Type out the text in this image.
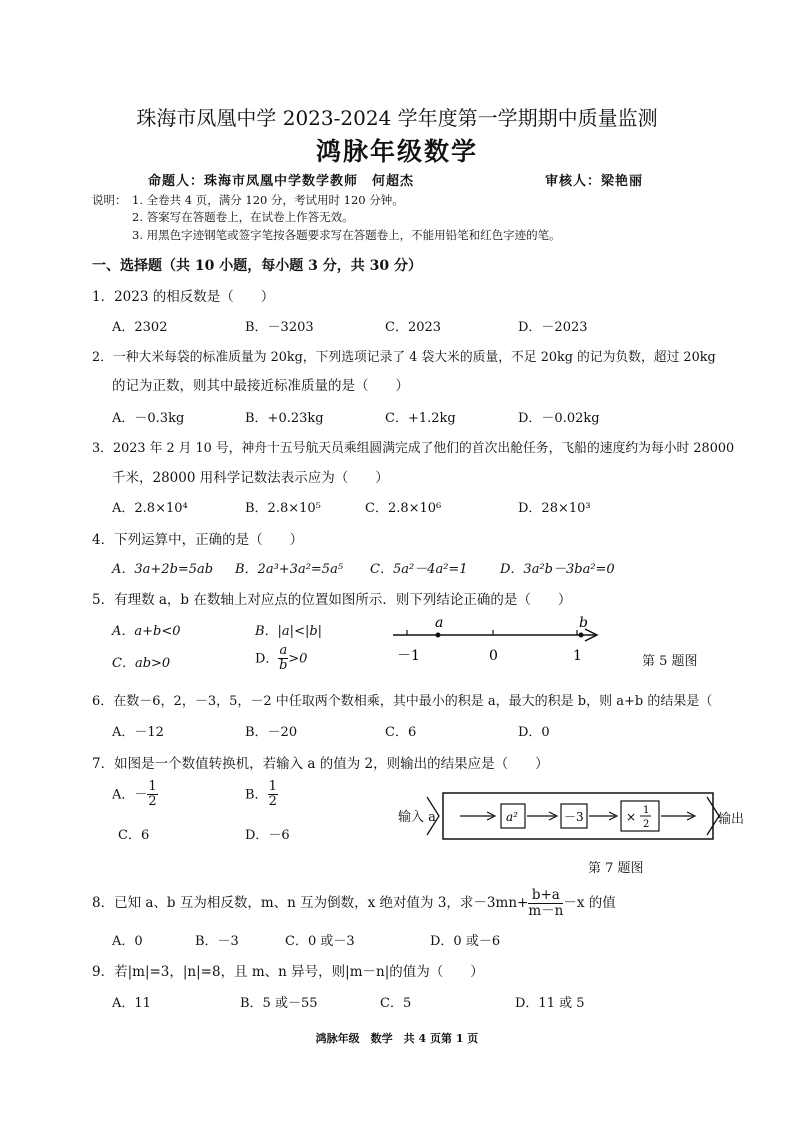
珠海市凤凰中学 2023-2024 学年度第一学期期中质量监测
鸿脉年级数学
命题人：珠海市凤凰中学数学教师　何超杰	审核人：梁艳丽
说明： 1. 全卷共 4 页，满分 120 分，考试用时 120 分钟。
2. 答案写在答题卷上，在试卷上作答无效。
3. 用黑色字迹钢笔或签字笔按各题要求写在答题卷上，不能用铅笔和红色字迹的笔。
一、选择题（共 10 小题，每小题 3 分，共 30 分）
1．2023 的相反数是（　　）
A．2302	B．－3203	C．2023	D．－2023
2．一种大米每袋的标准质量为 20kg，下列选项记录了 4 袋大米的质量，不足 20kg 的记为负数，超过 20kg
的记为正数，则其中最接近标准质量的是（　　）
A．－0.3kg	B．+0.23kg	C．+1.2kg	D．－0.02kg
3．2023 年 2 月 10 号，神舟十五号航天员乘组圆满完成了他们的首次出舱任务，飞船的速度约为每小时 28000
千米，28000 用科学记数法表示应为（　　）
A．2.8×10⁴	B．2.8×10⁵	C．2.8×10⁶	D．28×10³
4．下列运算中，正确的是（　　）
A．3a+2b=5ab B．2a³+3a²=5a⁵ C．5a²－4a²=1 D．3a²b－3ba²=0
5．有理数 a，b 在数轴上对应点的位置如图所示．则下列结论正确的是（　　）
A．a+b<0	B．|a|<|b|
C．ab>0	D． $\frac{a}{b} >0$
a	b
－1	0	1	第 5 题图
6．在数－6，2，－3，5，－2 中任取两个数相乘，其中最小的积是 a，最大的积是 b，则 a+b 的结果是（
A．－12	B．－20	C．6	D．0
7．如图是一个数值转换机，若输入 a 的值为 2，则输出的结果应是（　　）
A．－ $\frac{1}{2}$	B． $\frac{1}{2}$
C．6	D．－6
输入 a	a²	－3	× 1
2	输出
第 7 题图
8．已知 a、b 互为相反数，m、n 互为倒数，x 绝对值为 3，求$-3mn+ \frac{b+a}{m-n} -x$ 的值
A．0	B．－3	C．0 或－3	D．0 或－6
9．若|m|=3，|n|=8，且 m、n 异号，则|m－n|的值为（　　）
A．11	B．5 或－55	C．5	D．11 或 5
鸿脉年级　数学　共 4 页第 1 页
